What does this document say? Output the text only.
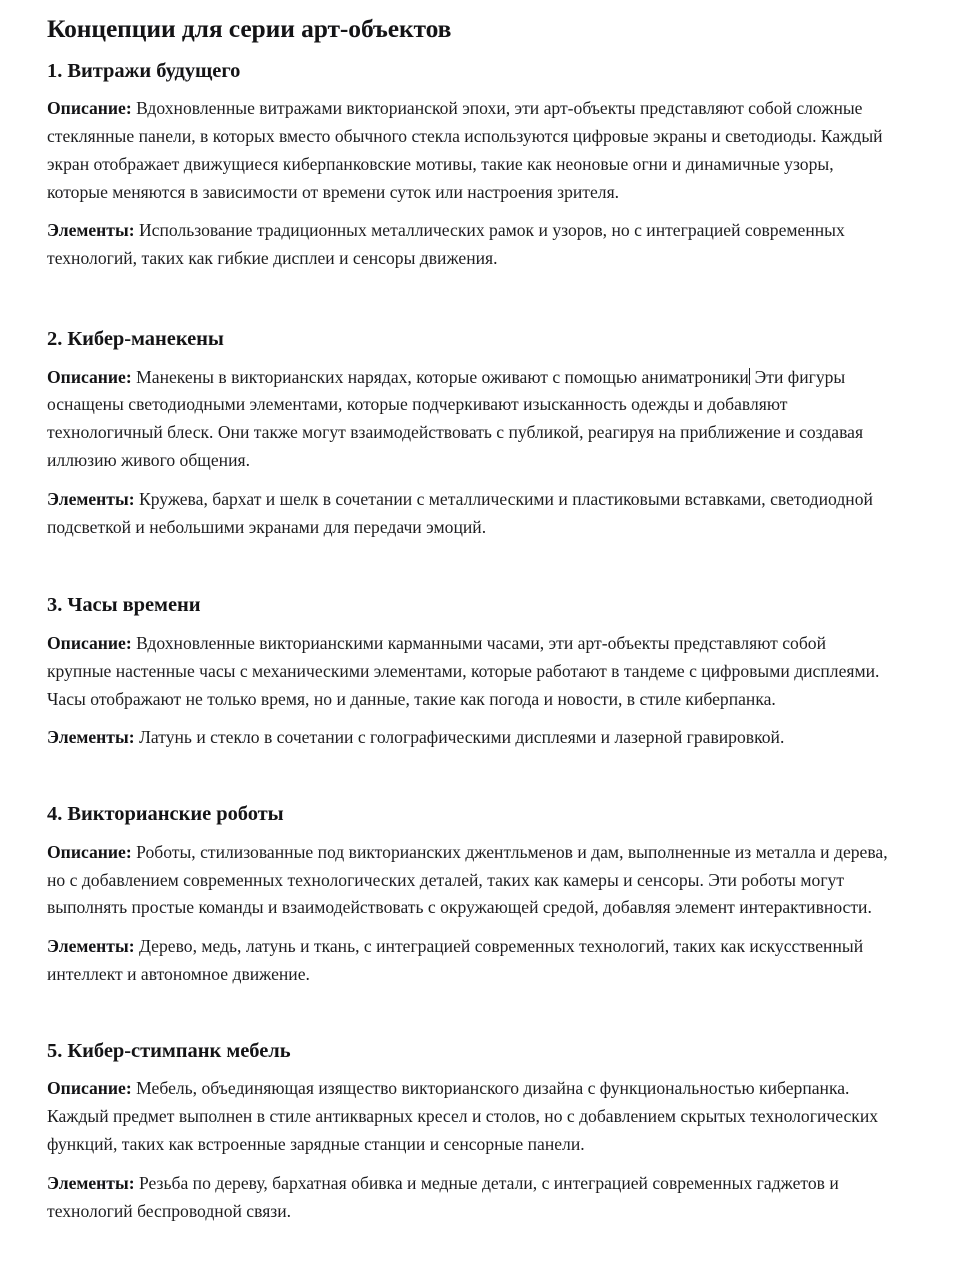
Концепции для серии арт-объектов
1. Витражи будущего

Описание: Вдохновленные витражами викторианской эпохи, эти арт-объекты представляют собой сложные стеклянные панели, в которых вместо обычного стекла используются цифровые экраны и светодиоды. Каждый экран отображает движущиеся киберпанковские мотивы, такие как неоновые огни и динамичные узоры, которые меняются в зависимости от времени суток или настроения зрителя.

Элементы: Использование традиционных металлических рамок и узоров, но с интеграцией современных технологий, таких как гибкие дисплеи и сенсоры движения.

2. Кибер-манекены

Описание: Манекены в викторианских нарядах, которые оживают с помощью аниматроники Эти фигуры оснащены светодиодными элементами, которые подчеркивают изысканность одежды и добавляют технологичный блеск. Они также могут взаимодействовать с публикой, реагируя на приближение и создавая иллюзию живого общения.

Элементы: Кружева, бархат и шелк в сочетании с металлическими и пластиковыми вставками, светодиодной подсветкой и небольшими экранами для передачи эмоций.

3. Часы времени

Описание: Вдохновленные викторианскими карманными часами, эти арт-объекты представляют собой крупные настенные часы с механическими элементами, которые работают в тандеме с цифровыми дисплеями. Часы отображают не только время, но и данные, такие как погода и новости, в стиле киберпанка.

Элементы: Латунь и стекло в сочетании с голографическими дисплеями и лазерной гравировкой.

4. Викторианские роботы

Описание: Роботы, стилизованные под викторианских джентльменов и дам, выполненные из металла и дерева, но с добавлением современных технологических деталей, таких как камеры и сенсоры. Эти роботы могут выполнять простые команды и взаимодействовать с окружающей средой, добавляя элемент интерактивности.

Элементы: Дерево, медь, латунь и ткань, с интеграцией современных технологий, таких как искусственный интеллект и автономное движение.

5. Кибер-стимпанк мебель

Описание: Мебель, объединяющая изящество викторианского дизайна с функциональностью киберпанка. Каждый предмет выполнен в стиле антикварных кресел и столов, но с добавлением скрытых технологических функций, таких как встроенные зарядные станции и сенсорные панели.

Элементы: Резьба по дереву, бархатная обивка и медные детали, с интеграцией современных гаджетов и технологий беспроводной связи.
